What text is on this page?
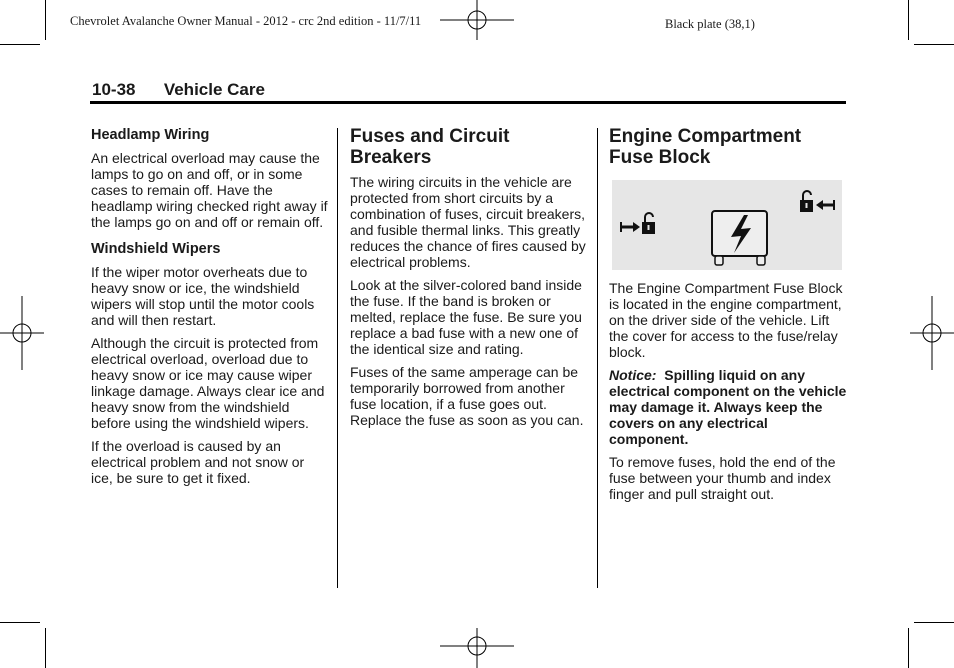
Chevrolet Avalanche Owner Manual - 2012 - crc 2nd edition - 11/7/11	Black plate (38,1)
10-38 Vehicle Care
Headlamp Wiring

An electrical overload may cause the lamps to go on and off, or in some cases to remain off. Have the headlamp wiring checked right away if the lamps go on and off or remain off.

Windshield Wipers

If the wiper motor overheats due to heavy snow or ice, the windshield wipers will stop until the motor cools and will then restart.

Although the circuit is protected from electrical overload, overload due to heavy snow or ice may cause wiper linkage damage. Always clear ice and heavy snow from the windshield before using the windshield wipers.

If the overload is caused by an electrical problem and not snow or ice, be sure to get it fixed.

Fuses and Circuit Breakers

The wiring circuits in the vehicle are protected from short circuits by a combination of fuses, circuit breakers, and fusible thermal links. This greatly reduces the chance of fires caused by electrical problems.

Look at the silver-colored band inside the fuse. If the band is broken or melted, replace the fuse. Be sure you replace a bad fuse with a new one of the identical size and rating.

Fuses of the same amperage can be temporarily borrowed from another fuse location, if a fuse goes out. Replace the fuse as soon as you can.

Engine Compartment Fuse Block

The Engine Compartment Fuse Block is located in the engine compartment, on the driver side of the vehicle. Lift the cover for access to the fuse/relay block.

Notice: Spilling liquid on any electrical component on the vehicle may damage it. Always keep the covers on any electrical component.

To remove fuses, hold the end of the fuse between your thumb and index finger and pull straight out.
